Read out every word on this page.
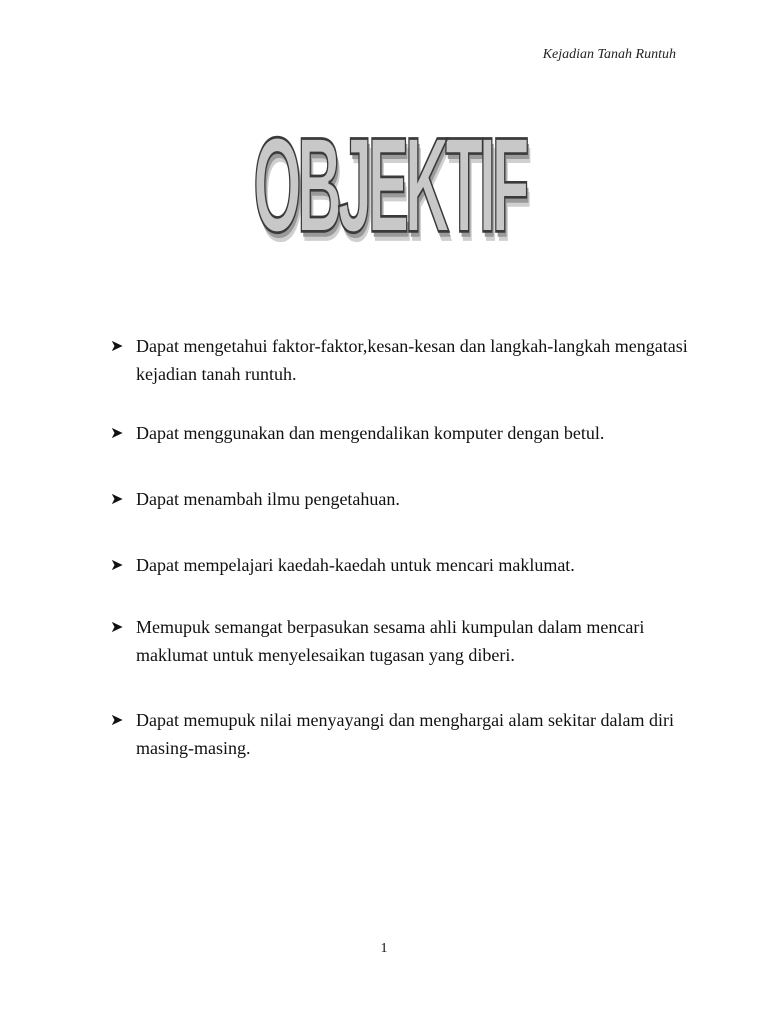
Kejadian Tanah Runtuh
OBJEKTIF
➤ Dapat mengetahui faktor-faktor,kesan-kesan dan langkah-langkah mengatasi kejadian tanah runtuh.
➤ Dapat menggunakan dan mengendalikan komputer dengan betul.
➤ Dapat menambah ilmu pengetahuan.
➤ Dapat mempelajari kaedah-kaedah untuk mencari maklumat.
➤ Memupuk semangat berpasukan sesama ahli kumpulan dalam mencari maklumat untuk menyelesaikan tugasan yang diberi.
➤ Dapat memupuk nilai menyayangi dan menghargai alam sekitar dalam diri masing-masing.
1
